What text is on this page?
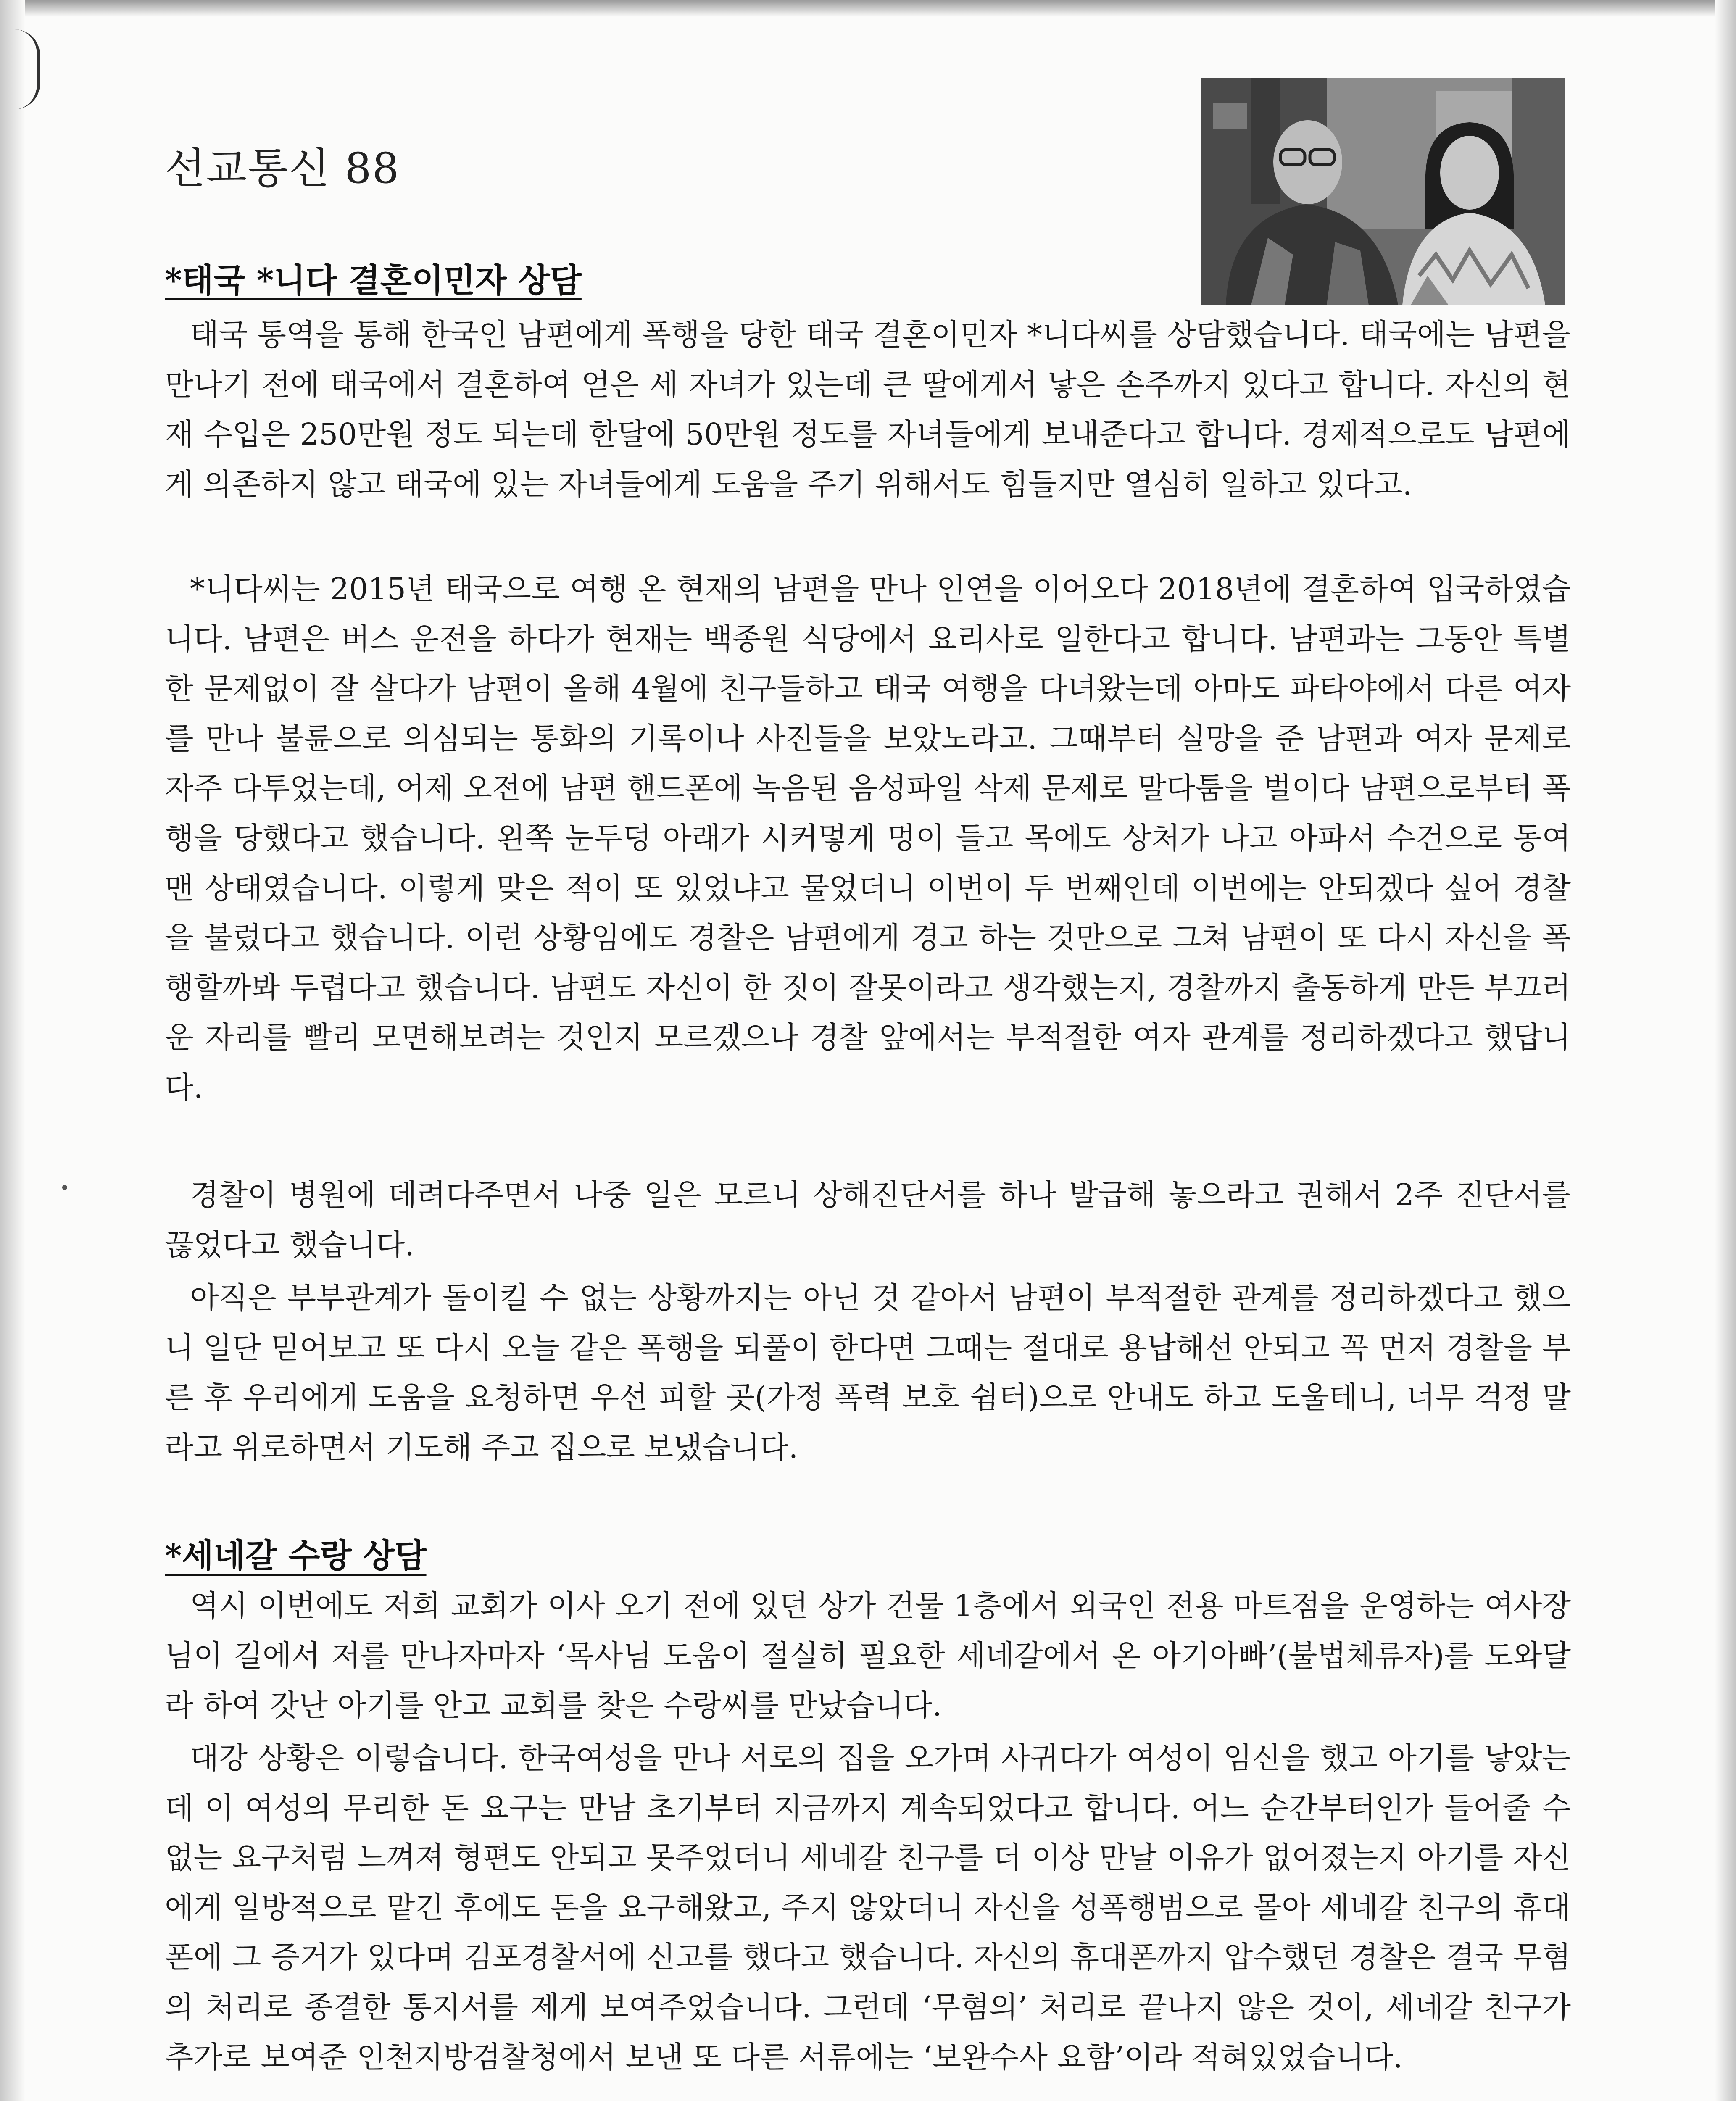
선교통신 88
*태국 *니다 결혼이민자 상담
태국 통역을 통해 한국인 남편에게 폭행을 당한 태국 결혼이민자 *니다씨를 상담했습니다. 태국에는 남편을 만나기 전에 태국에서 결혼하여 얻은 세 자녀가 있는데 큰 딸에게서 낳은 손주까지 있다고 합니다. 자신의 현재 수입은 250만원 정도 되는데 한달에 50만원 정도를 자녀들에게 보내준다고 합니다. 경제적으로도 남편에게 의존하지 않고 태국에 있는 자녀들에게 도움을 주기 위해서도 힘들지만 열심히 일하고 있다고.
*니다씨는 2015년 태국으로 여행 온 현재의 남편을 만나 인연을 이어오다 2018년에 결혼하여 입국하였습니다. 남편은 버스 운전을 하다가 현재는 백종원 식당에서 요리사로 일한다고 합니다. 남편과는 그동안 특별한 문제없이 잘 살다가 남편이 올해 4월에 친구들하고 태국 여행을 다녀왔는데 아마도 파타야에서 다른 여자를 만나 불륜으로 의심되는 통화의 기록이나 사진들을 보았노라고. 그때부터 실망을 준 남편과 여자 문제로 자주 다투었는데, 어제 오전에 남편 핸드폰에 녹음된 음성파일 삭제 문제로 말다툼을 벌이다 남편으로부터 폭행을 당했다고 했습니다. 왼쪽 눈두덩 아래가 시커멓게 멍이 들고 목에도 상처가 나고 아파서 수건으로 동여맨 상태였습니다. 이렇게 맞은 적이 또 있었냐고 물었더니 이번이 두 번째인데 이번에는 안되겠다 싶어 경찰을 불렀다고 했습니다. 이런 상황임에도 경찰은 남편에게 경고 하는 것만으로 그쳐 남편이 또 다시 자신을 폭행할까봐 두렵다고 했습니다. 남편도 자신이 한 짓이 잘못이라고 생각했는지, 경찰까지 출동하게 만든 부끄러운 자리를 빨리 모면해보려는 것인지 모르겠으나 경찰 앞에서는 부적절한 여자 관계를 정리하겠다고 했답니다.
경찰이 병원에 데려다주면서 나중 일은 모르니 상해진단서를 하나 발급해 놓으라고 권해서 2주 진단서를 끊었다고 했습니다.
아직은 부부관계가 돌이킬 수 없는 상황까지는 아닌 것 같아서 남편이 부적절한 관계를 정리하겠다고 했으니 일단 믿어보고 또 다시 오늘 같은 폭행을 되풀이 한다면 그때는 절대로 용납해선 안되고 꼭 먼저 경찰을 부른 후 우리에게 도움을 요청하면 우선 피할 곳(가정 폭력 보호 쉼터)으로 안내도 하고 도울테니, 너무 걱정 말라고 위로하면서 기도해 주고 집으로 보냈습니다.
*세네갈 수랑 상담
역시 이번에도 저희 교회가 이사 오기 전에 있던 상가 건물 1층에서 외국인 전용 마트점을 운영하는 여사장님이 길에서 저를 만나자마자 ‘목사님 도움이 절실히 필요한 세네갈에서 온 아기아빠’(불법체류자)를 도와달라 하여 갓난 아기를 안고 교회를 찾은 수랑씨를 만났습니다.
대강 상황은 이렇습니다. 한국여성을 만나 서로의 집을 오가며 사귀다가 여성이 임신을 했고 아기를 낳았는데 이 여성의 무리한 돈 요구는 만남 초기부터 지금까지 계속되었다고 합니다. 어느 순간부터인가 들어줄 수 없는 요구처럼 느껴져 형편도 안되고 못주었더니 세네갈 친구를 더 이상 만날 이유가 없어졌는지 아기를 자신에게 일방적으로 맡긴 후에도 돈을 요구해왔고, 주지 않았더니 자신을 성폭행범으로 몰아 세네갈 친구의 휴대폰에 그 증거가 있다며 김포경찰서에 신고를 했다고 했습니다. 자신의 휴대폰까지 압수했던 경찰은 결국 무혐의 처리로 종결한 통지서를 제게 보여주었습니다. 그런데 ‘무혐의’ 처리로 끝나지 않은 것이, 세네갈 친구가 추가로 보여준 인천지방검찰청에서 보낸 또 다른 서류에는 ‘보완수사 요함’이라 적혀있었습니다.
